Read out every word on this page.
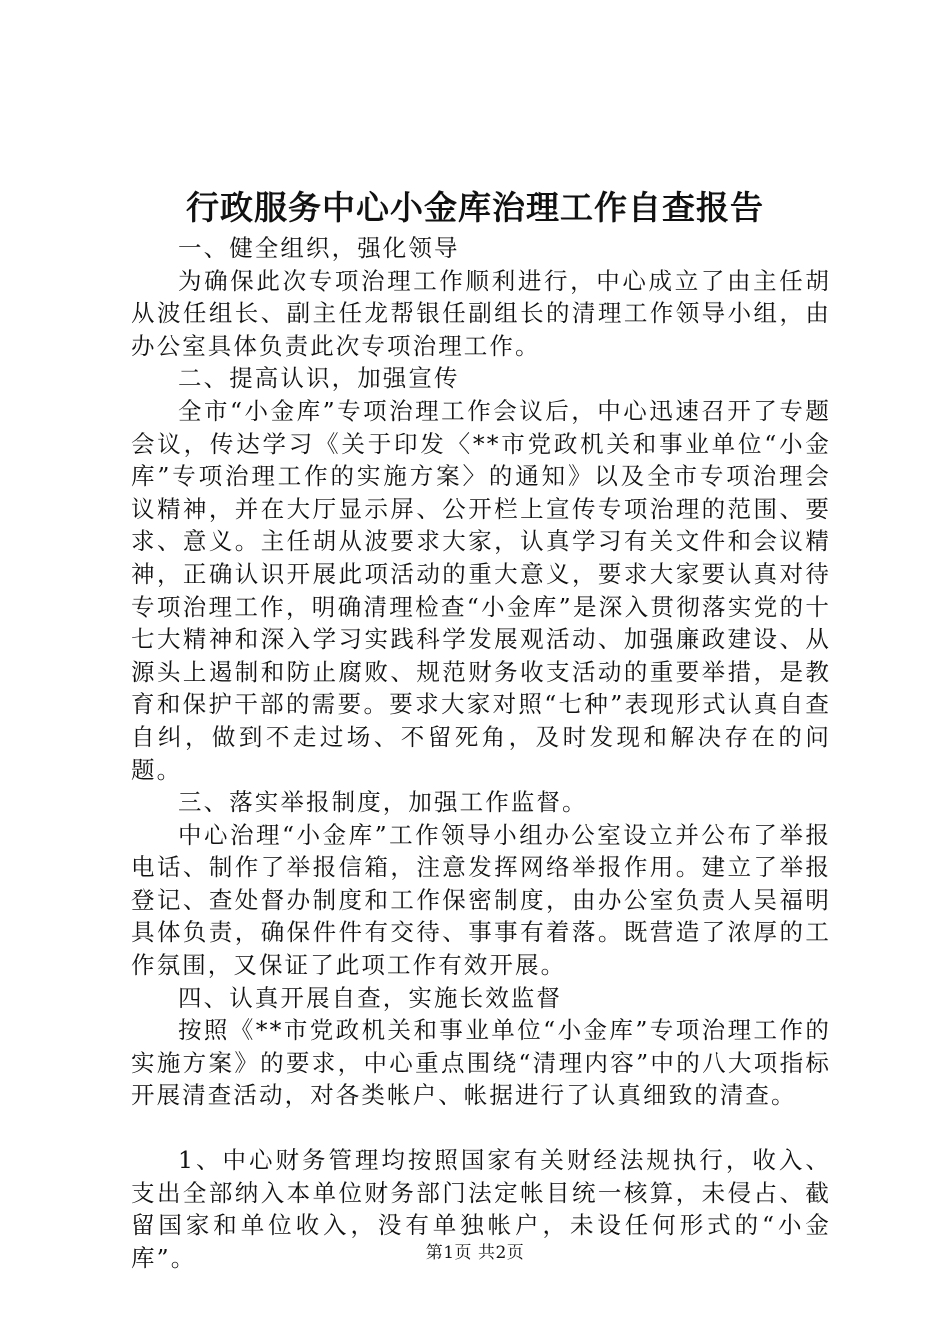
行政服务中心小金库治理工作自查报告

一、健全组织，强化领导

为确保此次专项治理工作顺利进行，中心成立了由主任胡从波任组长、副主任龙帮银任副组长的清理工作领导小组，由办公室具体负责此次专项治理工作。

二、提高认识，加强宣传

全市“小金库”专项治理工作会议后，中心迅速召开了专题会议，传达学习《关于印发〈**市党政机关和事业单位“小金库”专项治理工作的实施方案〉的通知》以及全市专项治理会议精神，并在大厅显示屏、公开栏上宣传专项治理的范围、要求、意义。主任胡从波要求大家，认真学习有关文件和会议精神，正确认识开展此项活动的重大意义，要求大家要认真对待专项治理工作，明确清理检查“小金库”是深入贯彻落实党的十七大精神和深入学习实践科学发展观活动、加强廉政建设、从源头上遏制和防止腐败、规范财务收支活动的重要举措，是教育和保护干部的需要。要求大家对照“七种”表现形式认真自查自纠，做到不走过场、不留死角，及时发现和解决存在的问题。

三、落实举报制度，加强工作监督。

中心治理“小金库”工作领导小组办公室设立并公布了举报电话、制作了举报信箱，注意发挥网络举报作用。建立了举报登记、查处督办制度和工作保密制度，由办公室负责人吴福明具体负责，确保件件有交待、事事有着落。既营造了浓厚的工作氛围，又保证了此项工作有效开展。

四、认真开展自查，实施长效监督

按照《**市党政机关和事业单位“小金库”专项治理工作的实施方案》的要求，中心重点围绕“清理内容”中的八大项指标开展清查活动，对各类帐户、帐据进行了认真细致的清查。

1、中心财务管理均按照国家有关财经法规执行，收入、支出全部纳入本单位财务部门法定帐目统一核算，未侵占、截留国家和单位收入，没有单独帐户，未设任何形式的“小金库”。	第1页 共2页
